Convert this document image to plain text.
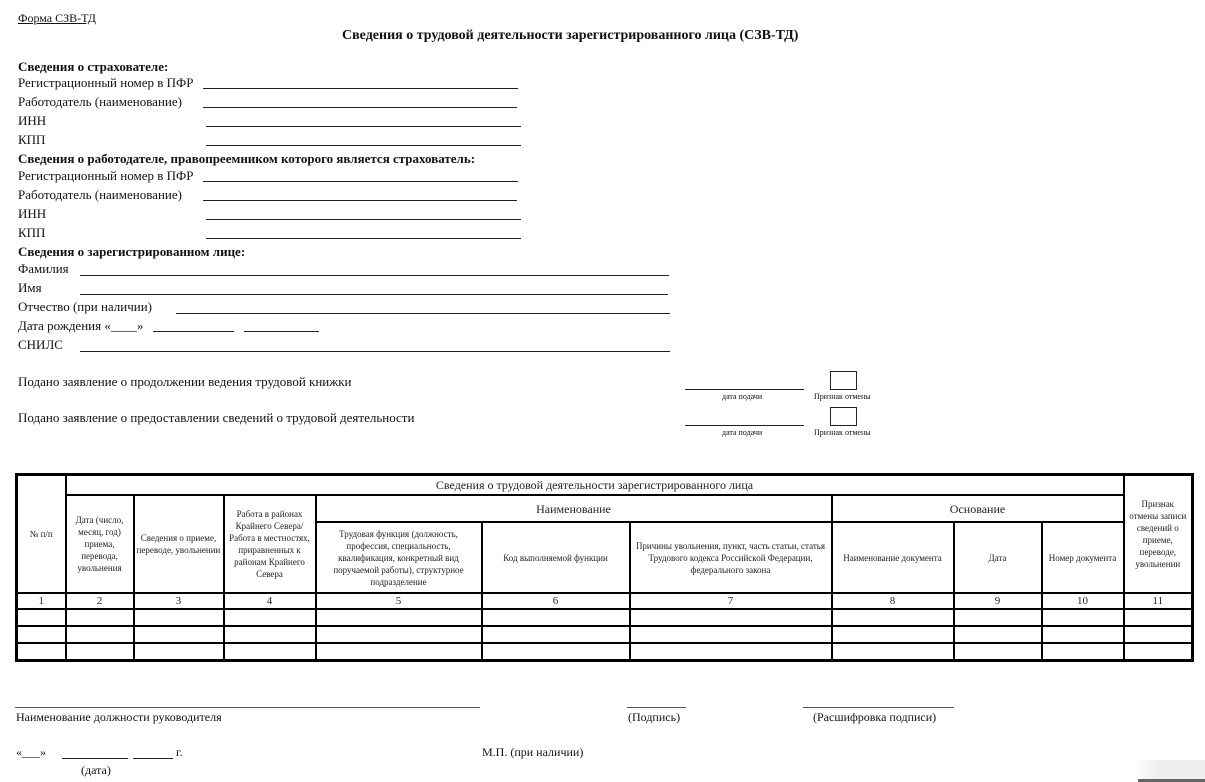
Форма СЗВ-ТД
Сведения о трудовой деятельности зарегистрированного лица (СЗВ-ТД)
Сведения о страхователе:
Регистрационный номер в ПФР
Работодатель (наименование)
ИНН
КПП
Сведения о работодателе, правопреемником которого является страхователь:
Регистрационный номер в ПФР
Работодатель (наименование)
ИНН
КПП
Сведения о зарегистрированном лице:
Фамилия
Имя
Отчество (при наличии)
Дата рождения «____»
СНИЛС
Подано заявление о продолжении ведения трудовой книжки
дата подачи	Признак отмены
Подано заявление о предоставлении сведений о трудовой деятельности
дата подачи	Признак отмены
№ п/п	Сведения о трудовой деятельности зарегистрированного лица									Признак отмены записи сведений о приеме, переводе, увольнении
	Дата (число, месяц, год) приема, перевода, увольнения	Сведения о приеме, переводе, увольнении	Работа в районах Крайнего Севера/Работа в местностях, приравненных к районам Крайнего Севера	Наименование			Основание			
				Трудовая функция (должность, профессия, специальность, квалификация, конкретный вид поручаемой работы), структурное подразделение	Код выполняемой функции	Причины увольнения, пункт, часть статьи, статья Трудового кодекса Российской Федерации, федерального закона	Наименование документа	Дата	Номер документа	
1	2	3	4	5	6	7	8	9	10	11

Наименование должности руководителя	(Подпись)	(Расшифровка подписи)
«___»	г.
(дата)
М.П. (при наличии)
